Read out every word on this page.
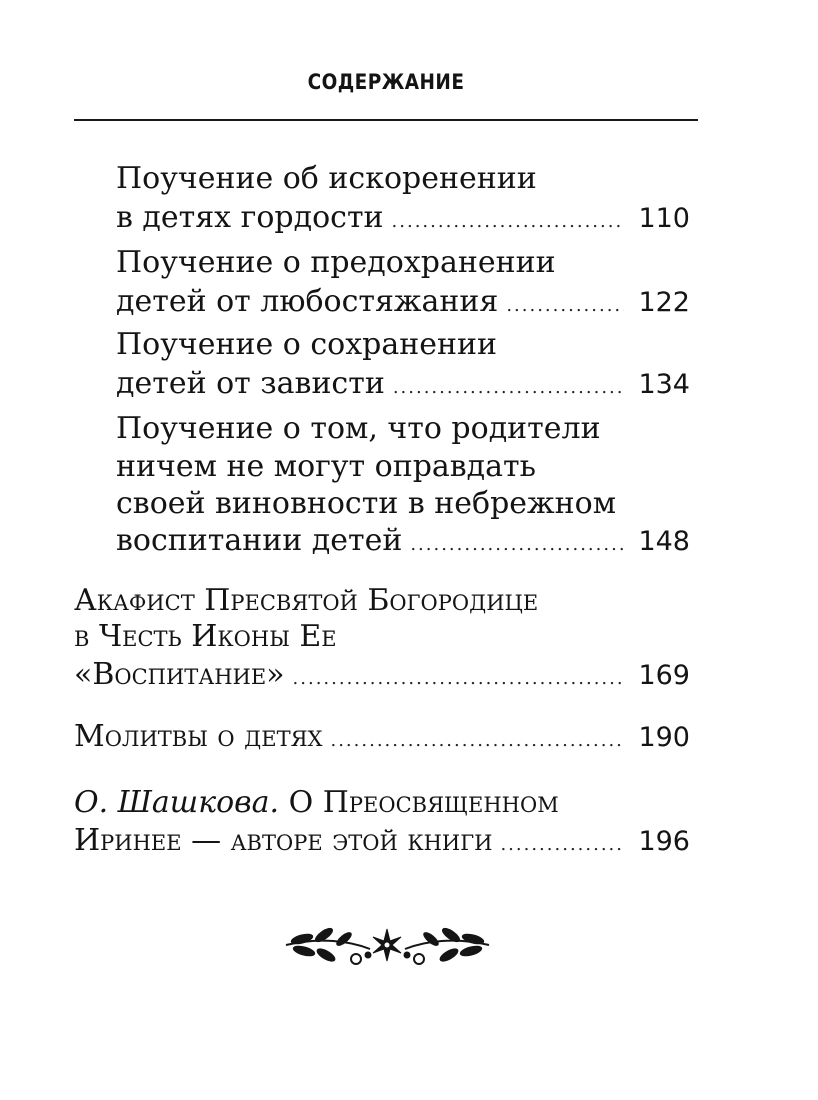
СОДЕРЖАНИЕ
Поучение об искоренении
в детях гордости .....	110
Поучение о предохранении
детей от любостяжания .....	122
Поучение о сохранении
детей от зависти .....	134
Поучение о том, что родители
ничем не могут оправдать
своей виновности в небрежном
воспитании детей .....	148
Акафист Пресвятой Богородице
в Честь Иконы Ее
«Воспитание» .....	169
Молитвы о детях .....	190
О. Шашкова. О Преосвященном
Иринее — авторе этой книги .....	196
